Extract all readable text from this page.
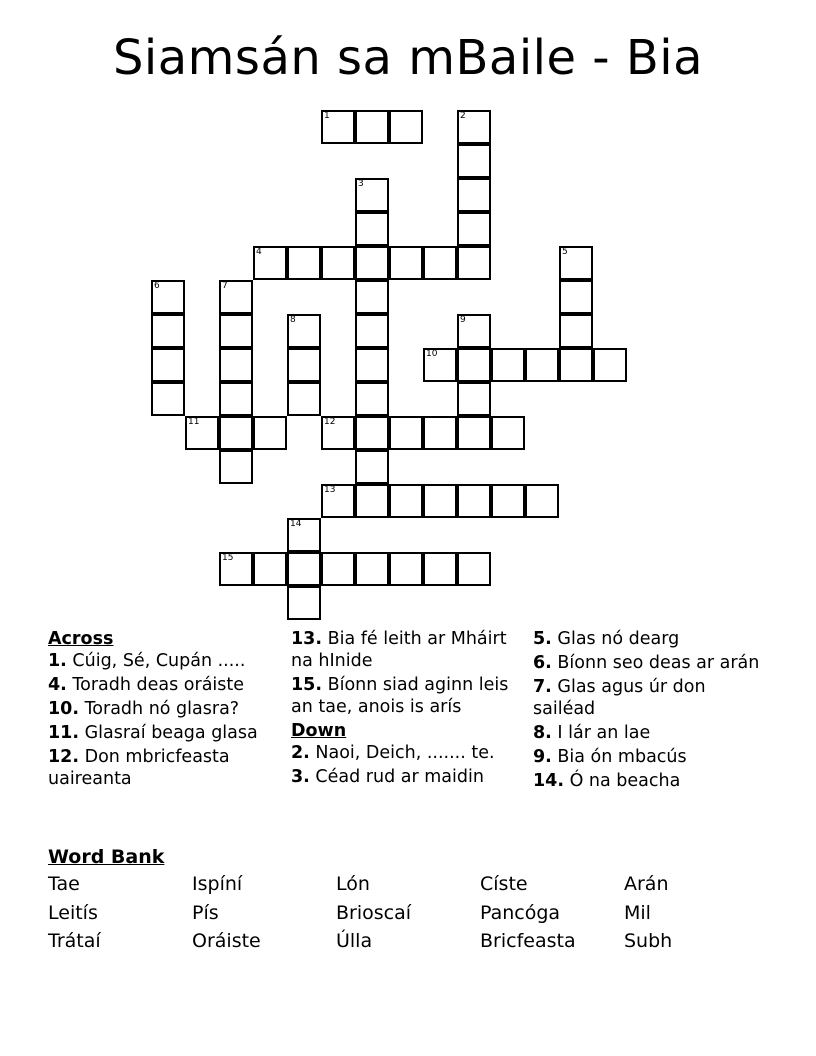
Siamsán sa mBaile - Bia
1	2
3
4	5
6	7
8	9
10
11	12
13
14
15
Across

1. Cúig, Sé, Cupán .....

4. Toradh deas oráiste

10. Toradh nó glasra?

11. Glasraí beaga glasa

12. Don mbricfeasta uaireanta

13. Bia fé leith ar Mháirt na hInide

15. Bíonn siad aginn leis an tae, anois is arís

Down

2. Naoi, Deich, ....... te.

3. Céad rud ar maidin

5. Glas nó dearg

6. Bíonn seo deas ar arán

7. Glas agus úr don sailéad

8. I lár an lae

9. Bia ón mbacús

14. Ó na beacha

Word Bank
Tae	Ispíní	Lón	Císte	Arán
Leitís	Pís	Brioscaí	Pancóga	Mil
Trátaí	Oráiste	Úlla	Bricfeasta	Subh
